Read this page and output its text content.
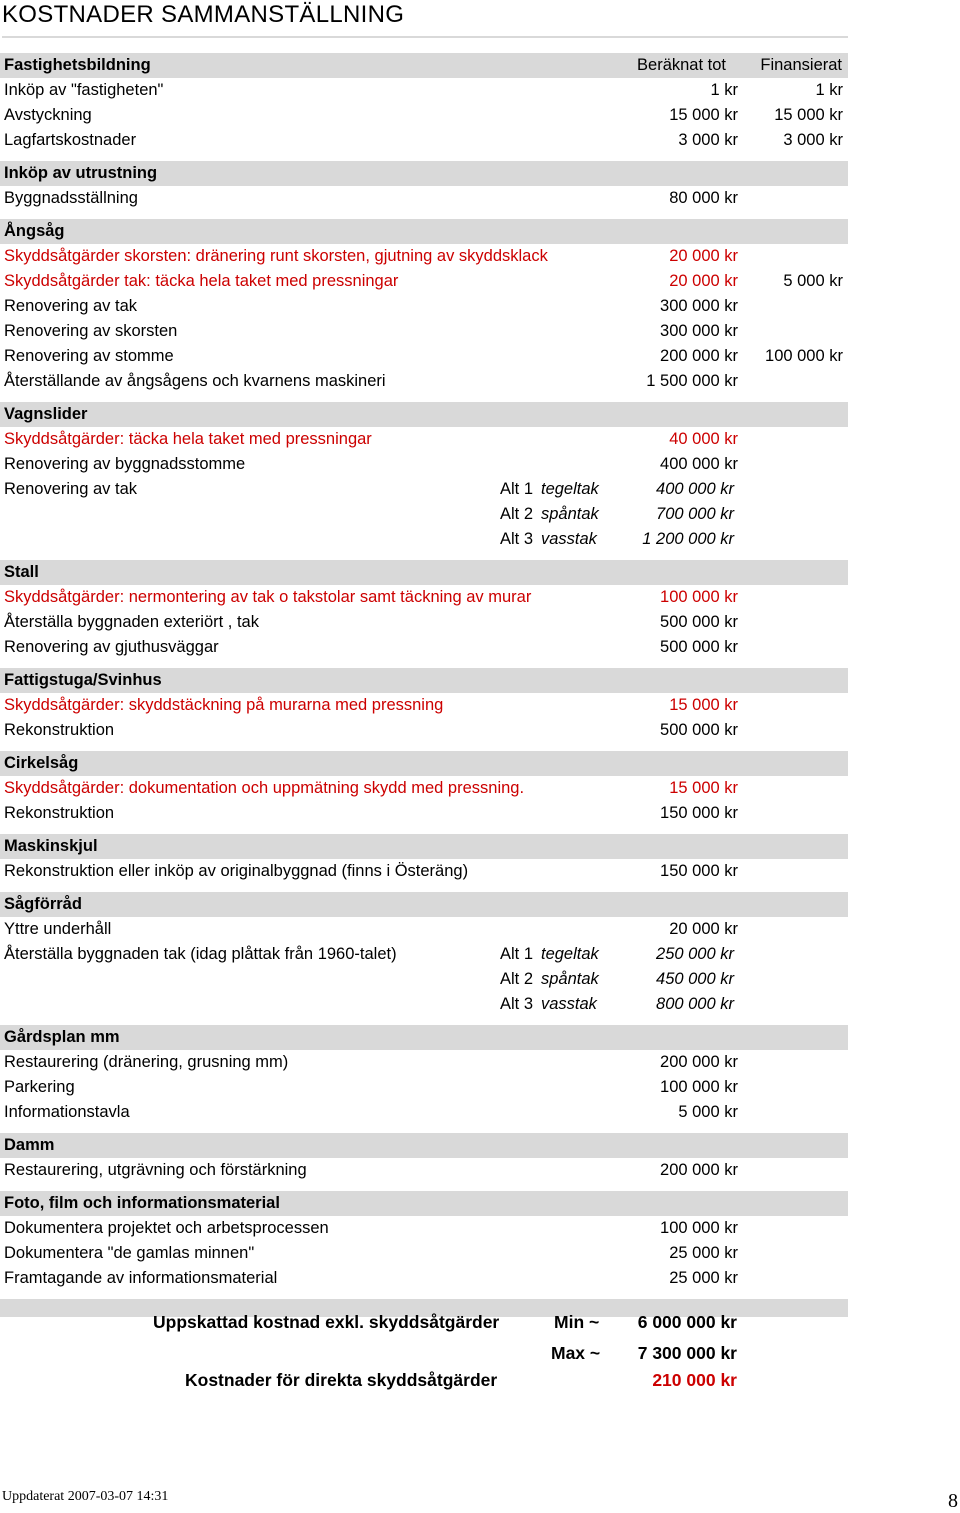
KOSTNADER SAMMANSTÄLLNING
Fastighetsbildning	Beräknat tot Finansierat
Inköp av "fastigheten"	1 kr	1 kr
Avstyckning	15 000 kr 15 000 kr
Lagfartskostnader	3 000 kr	3 000 kr
Inköp av utrustning
Byggnadsställning	80 000 kr
Ångsåg
Skyddsåtgärder skorsten: dränering runt skorsten, gjutning av skyddsklack	20 000 kr
Skyddsåtgärder tak: täcka hela taket med pressningar	20 000 kr	5 000 kr
Renovering av tak	300 000 kr
Renovering av skorsten	300 000 kr
Renovering av stomme	200 000 kr 100 000 kr
Återställande av ångsågens och kvarnens maskineri	1 500 000 kr
Vagnslider
Skyddsåtgärder: täcka hela taket med pressningar	40 000 kr
Renovering av byggnadsstomme	400 000 kr
Renovering av tak	Alt 1 tegeltak	400 000 kr
Alt 2 spåntak	700 000 kr
Alt 3 vasstak	1 200 000 kr
Stall
Skyddsåtgärder: nermontering av tak o takstolar samt täckning av murar	100 000 kr
Återställa byggnaden exteriört , tak	500 000 kr
Renovering av gjuthusväggar	500 000 kr
Fattigstuga/Svinhus
Skyddsåtgärder: skyddstäckning på murarna med pressning	15 000 kr
Rekonstruktion	500 000 kr
Cirkelsåg
Skyddsåtgärder: dokumentation och uppmätning skydd med pressning.	15 000 kr
Rekonstruktion	150 000 kr
Maskinskjul
Rekonstruktion eller inköp av originalbyggnad (finns i Österäng)	150 000 kr
Sågförråd
Yttre underhåll	20 000 kr
Återställa byggnaden tak (idag plåttak från 1960-talet)	Alt 1 tegeltak	250 000 kr
Alt 2 spåntak	450 000 kr
Alt 3 vasstak	800 000 kr
Gårdsplan mm
Restaurering (dränering, grusning mm)	200 000 kr
Parkering	100 000 kr
Informationstavla	5 000 kr
Damm
Restaurering, utgrävning och förstärkning	200 000 kr
Foto, film och informationsmaterial
Dokumentera projektet och arbetsprocessen	100 000 kr
Dokumentera "de gamlas minnen"	25 000 kr
Framtagande av informationsmaterial	25 000 kr
Uppskattad kostnad exkl. skyddsåtgärder	Min ~ 6 000 000 kr
Max ~ 7 300 000 kr
Kostnader för direkta skyddsåtgärder	210 000 kr
Uppdaterat 2007-03-07 14:31	8
